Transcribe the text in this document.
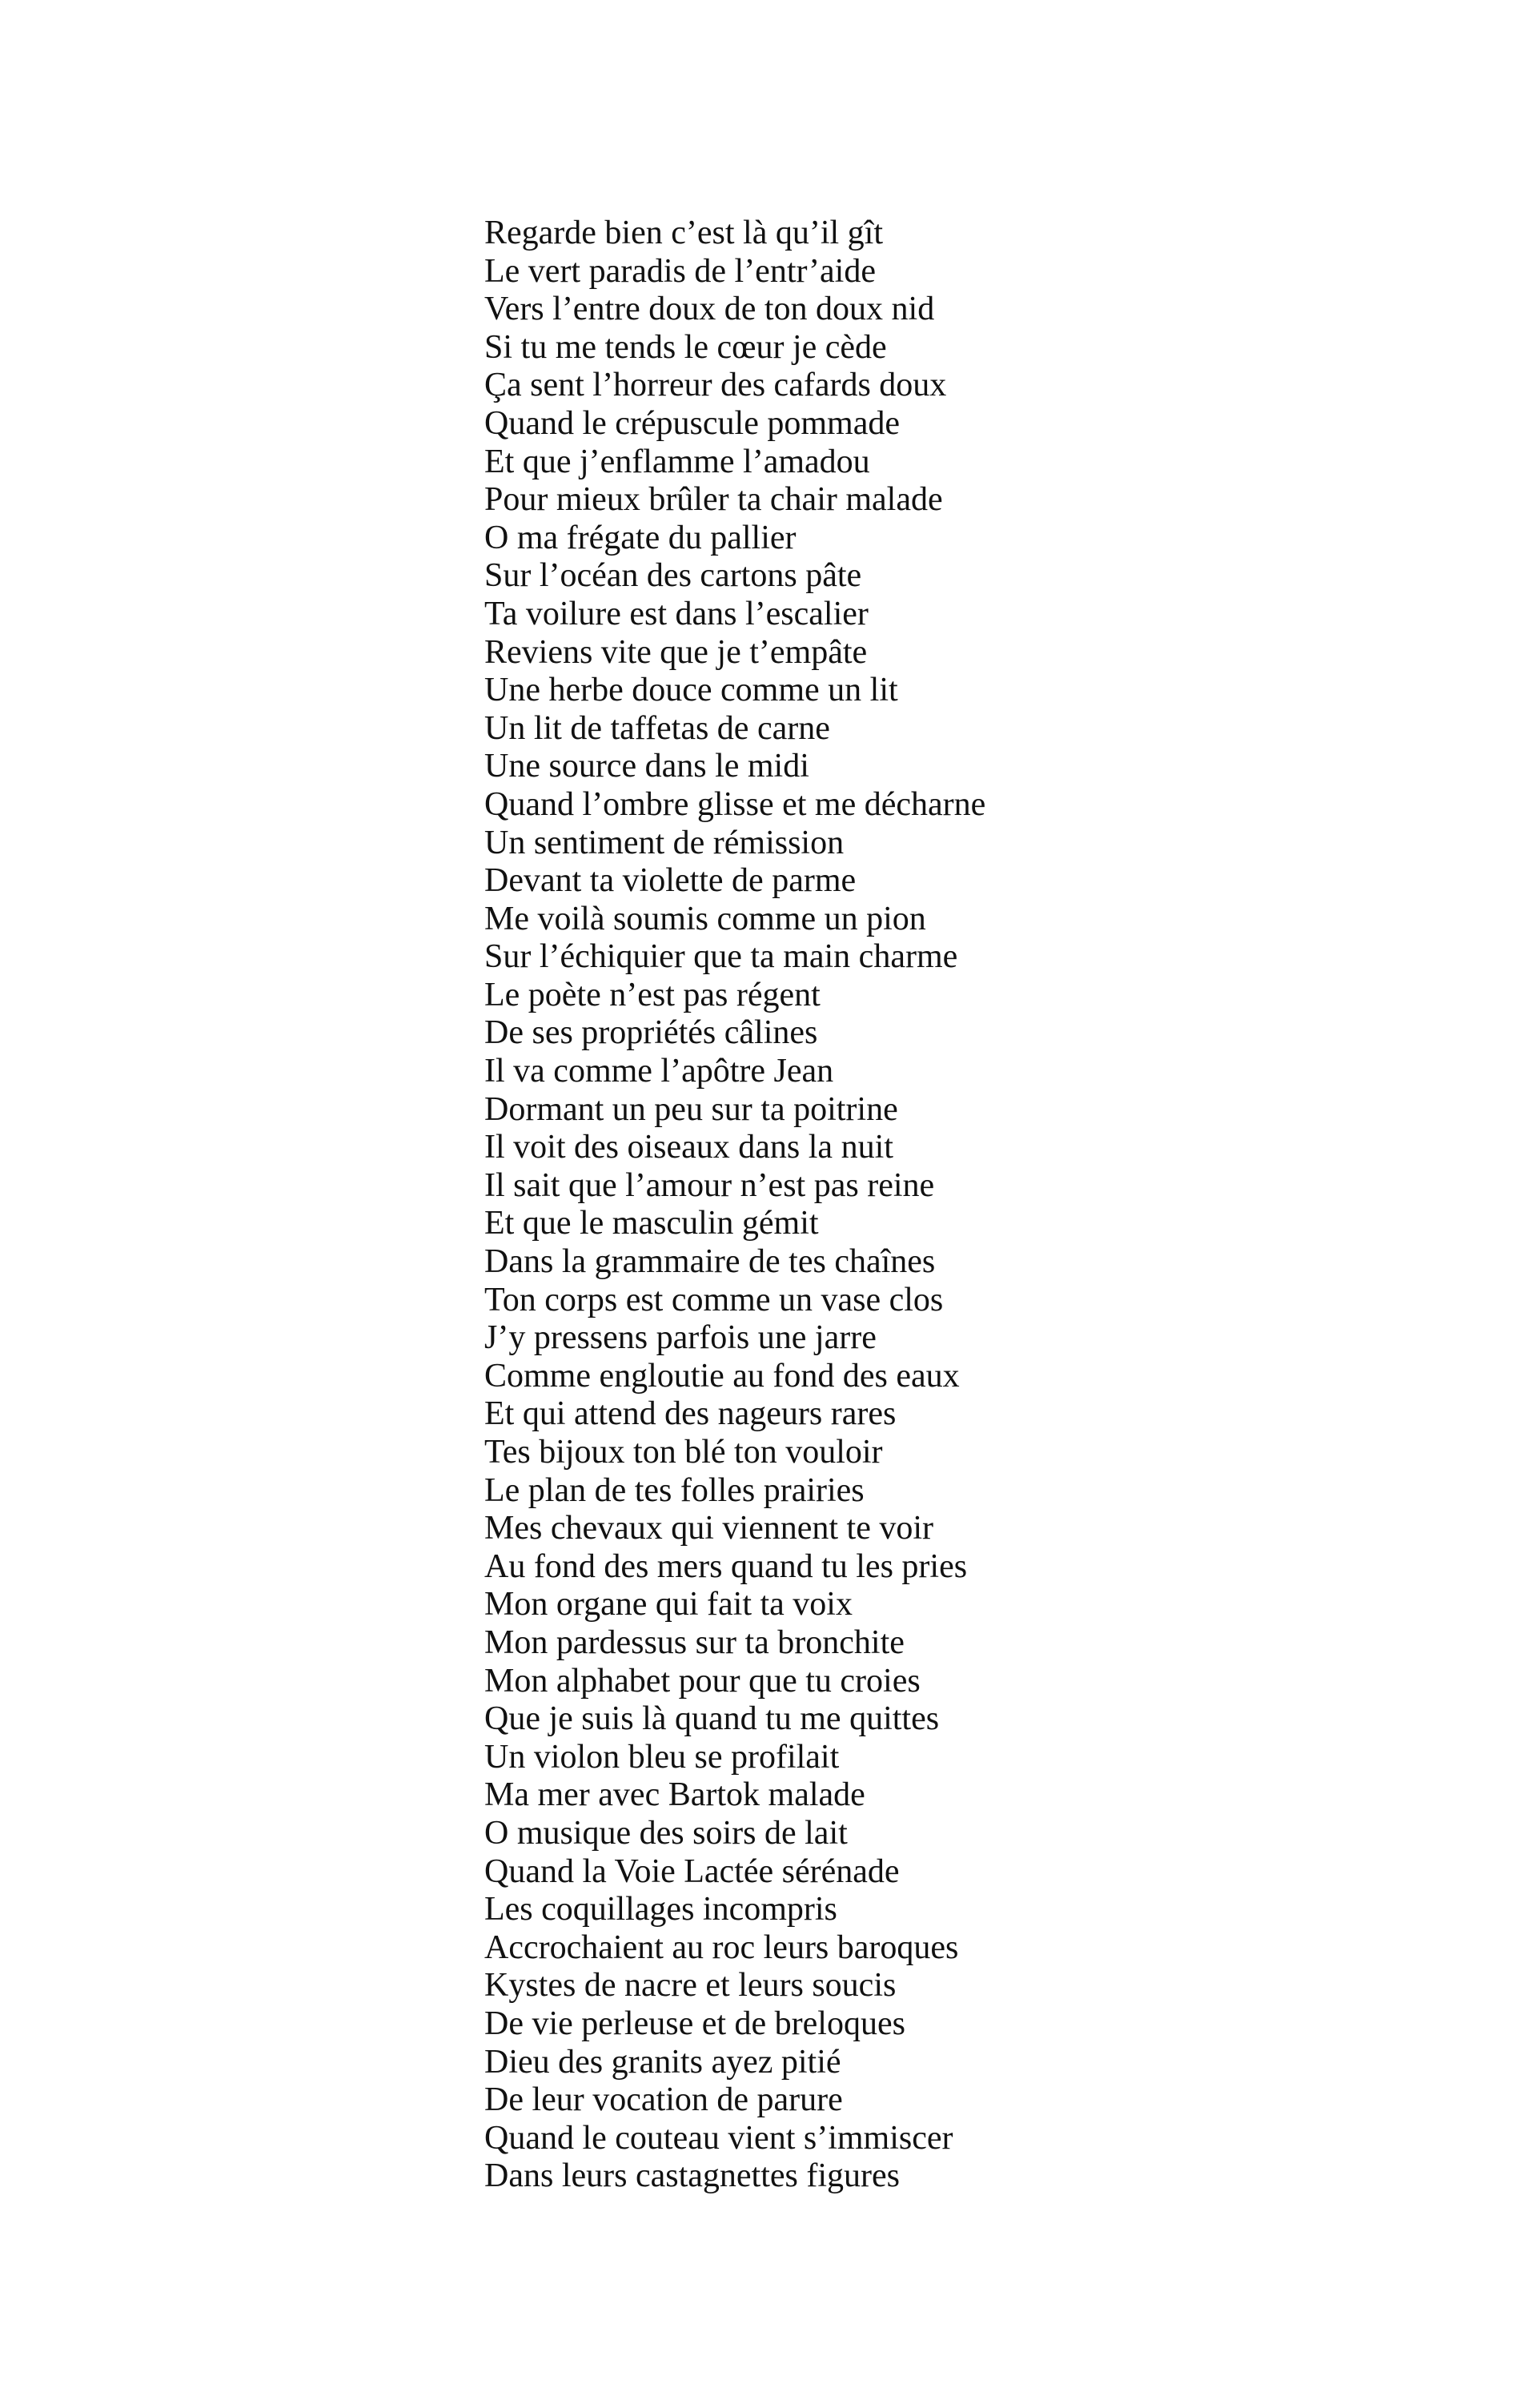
Regarde bien c’est là qu’il gît
Le vert paradis de l’entr’aide
Vers l’entre doux de ton doux nid
Si tu me tends le cœur je cède
Ça sent l’horreur des cafards doux
Quand le crépuscule pommade
Et que j’enflamme l’amadou
Pour mieux brûler ta chair malade
O ma frégate du pallier
Sur l’océan des cartons pâte
Ta voilure est dans l’escalier
Reviens vite que je t’empâte
Une herbe douce comme un lit
Un lit de taffetas de carne
Une source dans le midi
Quand l’ombre glisse et me décharne
Un sentiment de rémission
Devant ta violette de parme
Me voilà soumis comme un pion
Sur l’échiquier que ta main charme
Le poète n’est pas régent
De ses propriétés câlines
Il va comme l’apôtre Jean
Dormant un peu sur ta poitrine
Il voit des oiseaux dans la nuit
Il sait que l’amour n’est pas reine
Et que le masculin gémit
Dans la grammaire de tes chaînes
Ton corps est comme un vase clos
J’y pressens parfois une jarre
Comme engloutie au fond des eaux
Et qui attend des nageurs rares
Tes bijoux ton blé ton vouloir
Le plan de tes folles prairies
Mes chevaux qui viennent te voir
Au fond des mers quand tu les pries
Mon organe qui fait ta voix
Mon pardessus sur ta bronchite
Mon alphabet pour que tu croies
Que je suis là quand tu me quittes
Un violon bleu se profilait
Ma mer avec Bartok malade
O musique des soirs de lait
Quand la Voie Lactée sérénade
Les coquillages incompris
Accrochaient au roc leurs baroques
Kystes de nacre et leurs soucis
De vie perleuse et de breloques
Dieu des granits ayez pitié
De leur vocation de parure
Quand le couteau vient s’immiscer
Dans leurs castagnettes figures
